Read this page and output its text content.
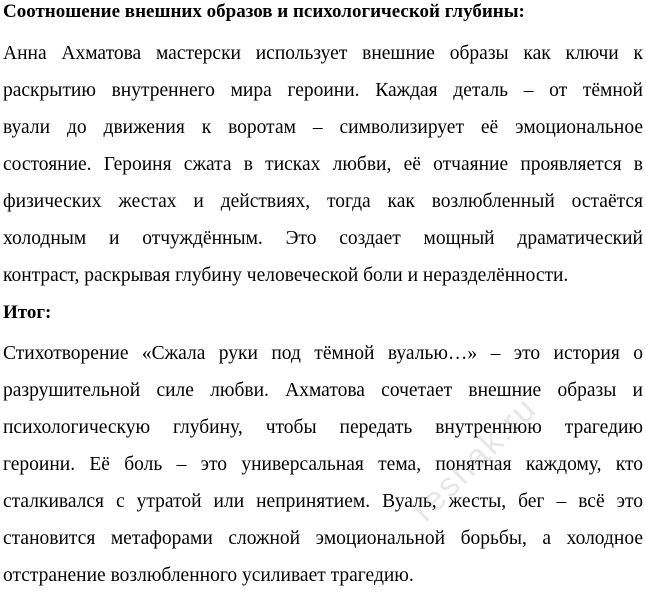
Соотношение внешних образов и психологической глубины:
Анна Ахматова мастерски использует внешние образы как ключи к
раскрытию внутреннего мира героини. Каждая деталь – от тёмной
вуали до движения к воротам – символизирует её эмоциональное
состояние. Героиня сжата в тисках любви, её отчаяние проявляется в
физических жестах и действиях, тогда как возлюбленный остаётся
холодным и отчуждённым. Это создает мощный драматический
контраст, раскрывая глубину человеческой боли и неразделённости.
Итог:
Стихотворение «Сжала руки под тёмной вуалью…» – это история о
разрушительной силе любви. Ахматова сочетает внешние образы и
психологическую глубину, чтобы передать внутреннюю трагедию
героини. Её боль – это универсальная тема, понятная каждому, кто
сталкивался с утратой или непринятием. Вуаль, жесты, бег – всё это
становится метафорами сложной эмоциональной борьбы, а холодное
отстранение возлюбленного усиливает трагедию.
reshak.ru
